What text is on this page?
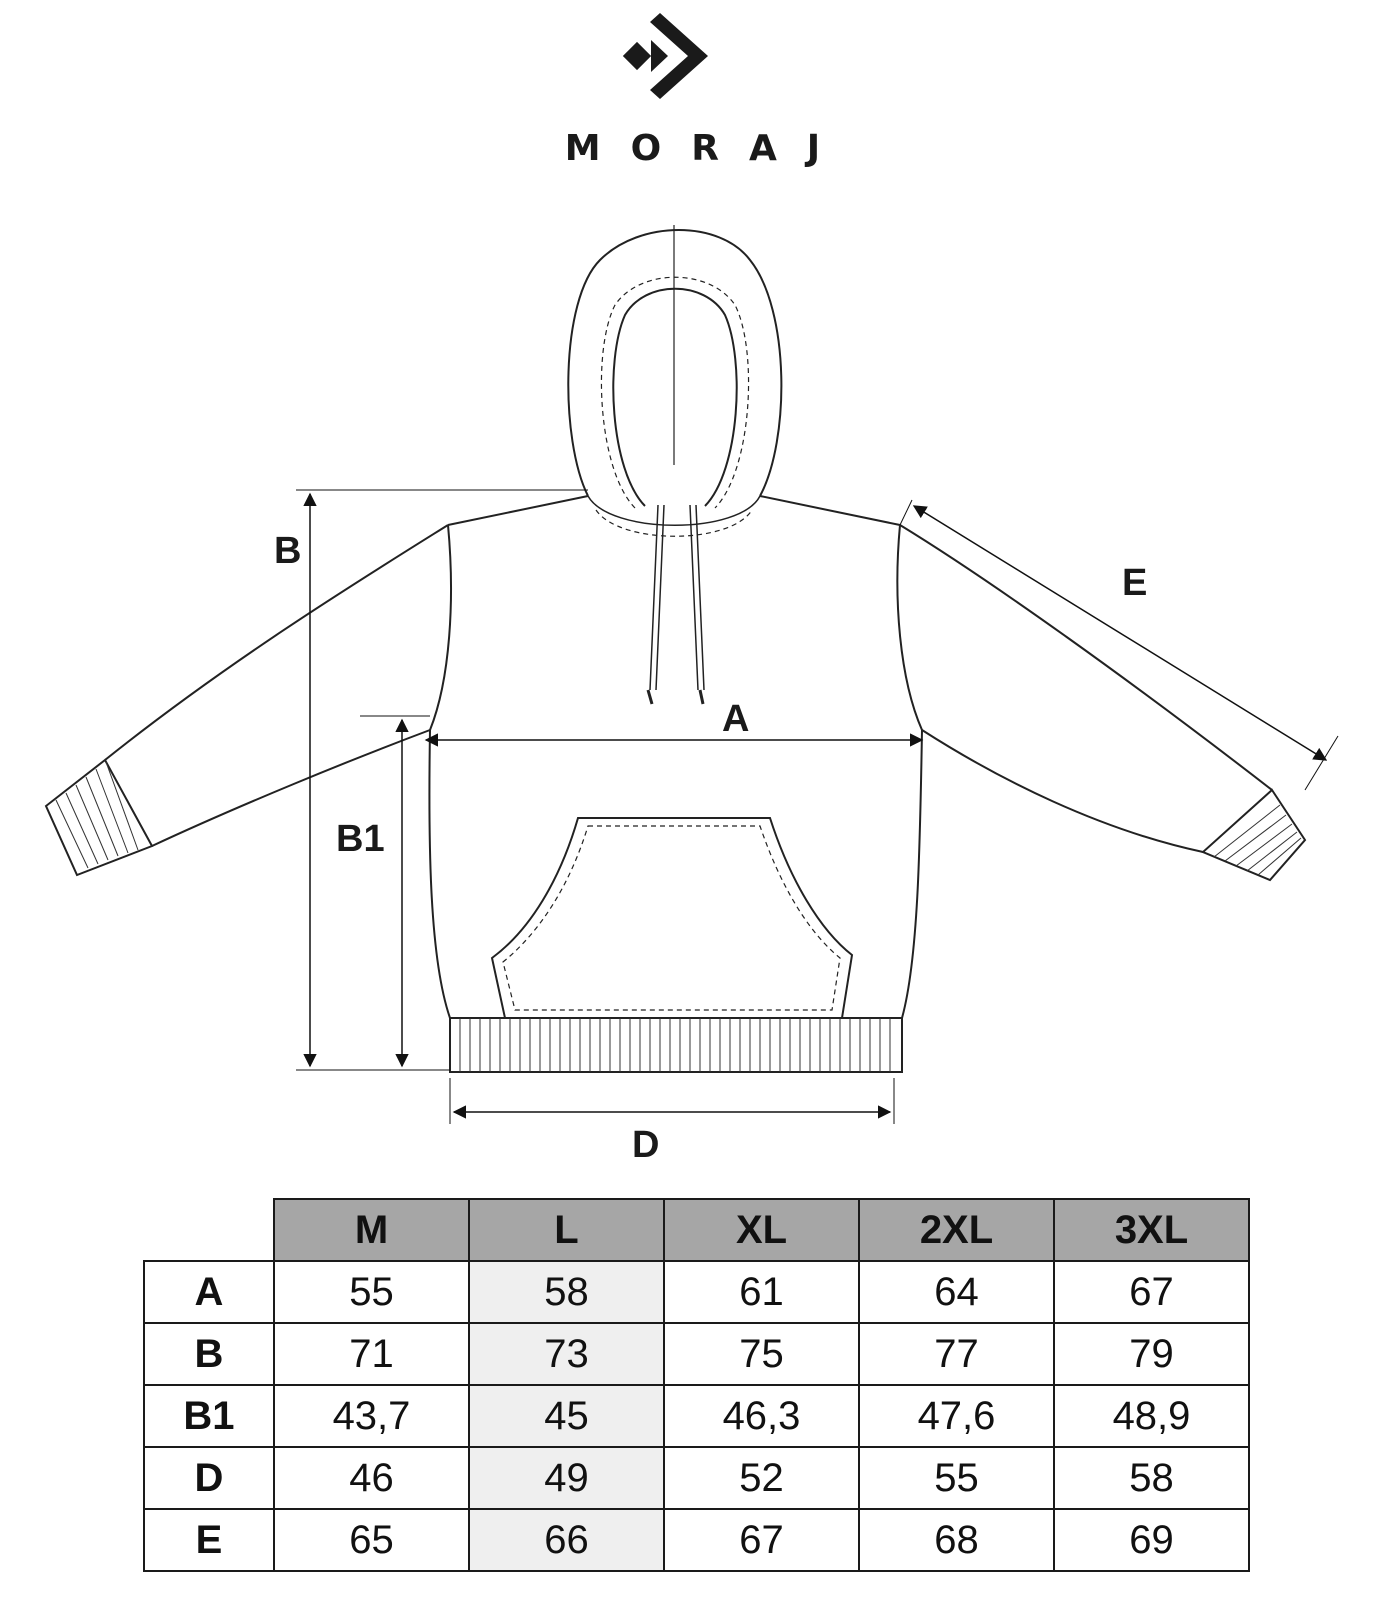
MORAJ
B
B1
A
D
E
	M	L	XL	2XL	3XL
A	55	58	61	64	67
B	71	73	75	77	79
B1	43,7	45	46,3	47,6	48,9
D	46	49	52	55	58
E	65	66	67	68	69
